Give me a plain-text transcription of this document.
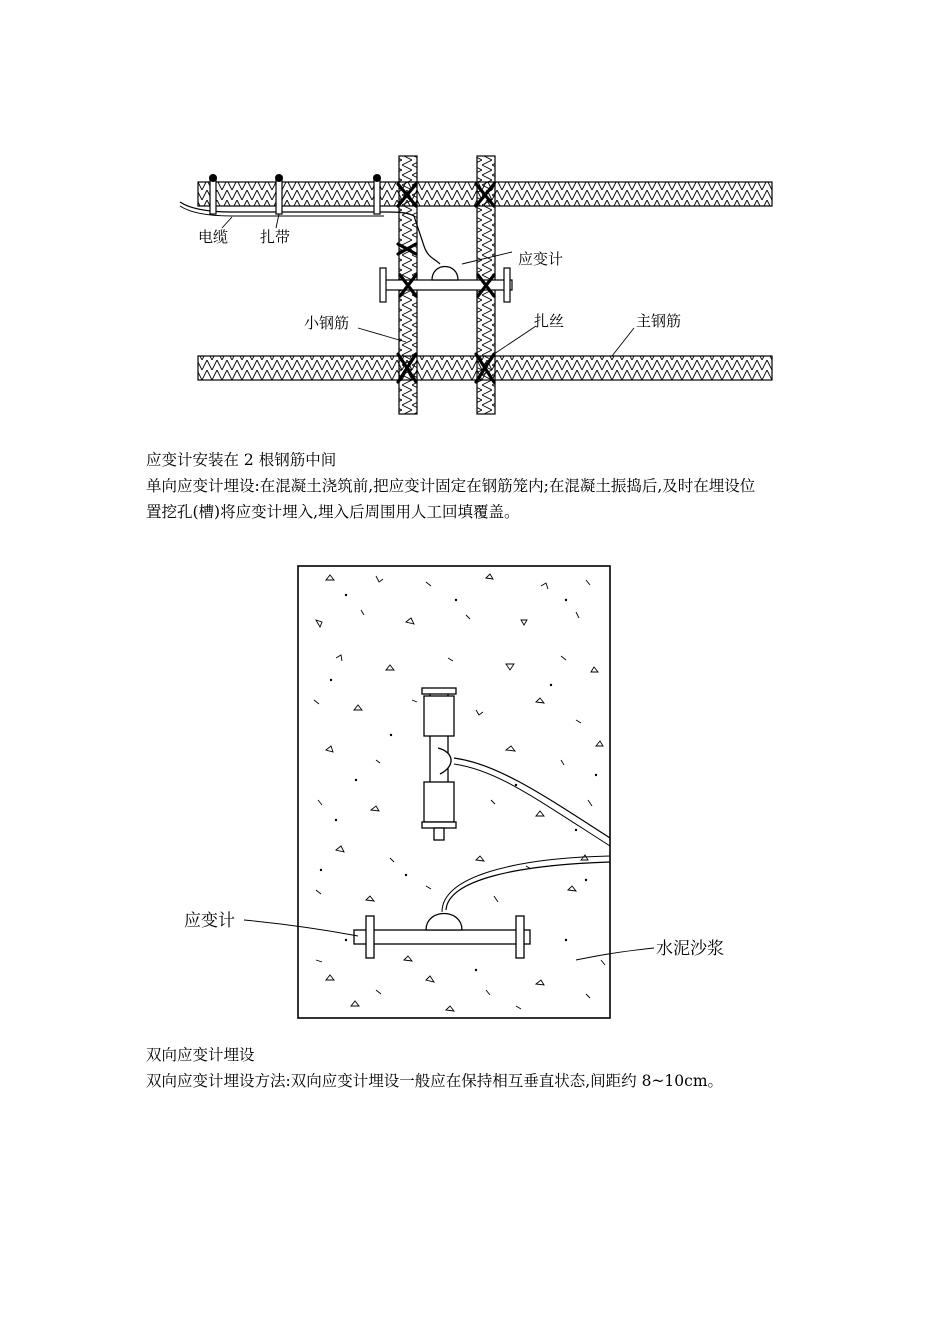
电缆 扎带
应变计
小钢筋	扎丝	主钢筋
应变计安装在 2 根钢筋中间
单向应变计埋设:在混凝土浇筑前,把应变计固定在钢筋笼内;在混凝土振捣后,及时在埋设位
置挖孔(槽)将应变计埋入,埋入后周围用人工回填覆盖。
应变计
水泥沙浆
双向应变计埋设
双向应变计埋设方法:双向应变计埋设一般应在保持相互垂直状态,间距约 8~10cm。
